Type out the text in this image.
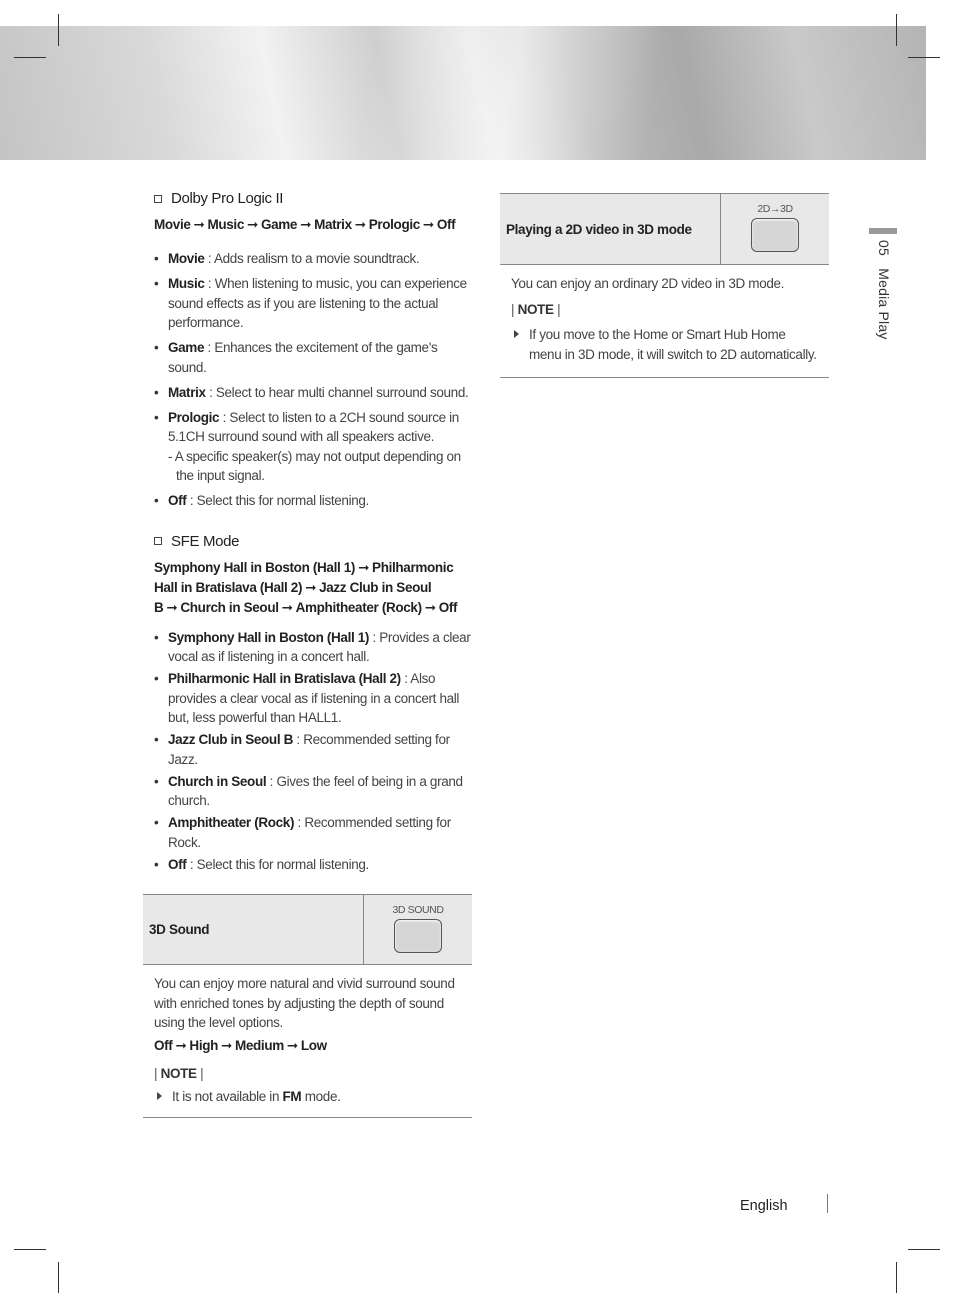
Dolby Pro Logic II
Movie ➞ Music ➞ Game ➞ Matrix ➞ Prologic ➞ Off
• Movie : Adds realism to a movie soundtrack.
• Music : When listening to music, you can experience sound effects as if you are listening to the actual performance.
• Game : Enhances the excitement of the game's sound.
• Matrix : Select to hear multi channel surround sound.
• Prologic : Select to listen to a 2CH sound source in 5.1CH surround sound with all speakers active.
- A specific speaker(s) may not output depending on the input signal.
• Off : Select this for normal listening.
SFE Mode
Symphony Hall in Boston (Hall 1) ➞ Philharmonic Hall in Bratislava (Hall 2) ➞ Jazz Club in Seoul B ➞ Church in Seoul ➞ Amphitheater (Rock) ➞ Off
• Symphony Hall in Boston (Hall 1) : Provides a clear vocal as if listening in a concert hall.
• Philharmonic Hall in Bratislava (Hall 2) : Also provides a clear vocal as if listening in a concert hall but, less powerful than HALL1.
• Jazz Club in Seoul B : Recommended setting for Jazz.
• Church in Seoul : Gives the feel of being in a grand church.
• Amphitheater (Rock) : Recommended setting for Rock.
• Off : Select this for normal listening.
3D Sound
3D SOUND

You can enjoy more natural and vivid surround sound with enriched tones by adjusting the depth of sound using the level options.

Off ➞ High ➞ Medium ➞ Low

| NOTE |

It is not available in FM mode.

Playing a 2D video in 3D mode
2D→3D

You can enjoy an ordinary 2D video in 3D mode.

| NOTE |

If you move to the Home or Smart Hub Home menu in 3D mode, it will switch to 2D automatically.

05   Media Play
English
